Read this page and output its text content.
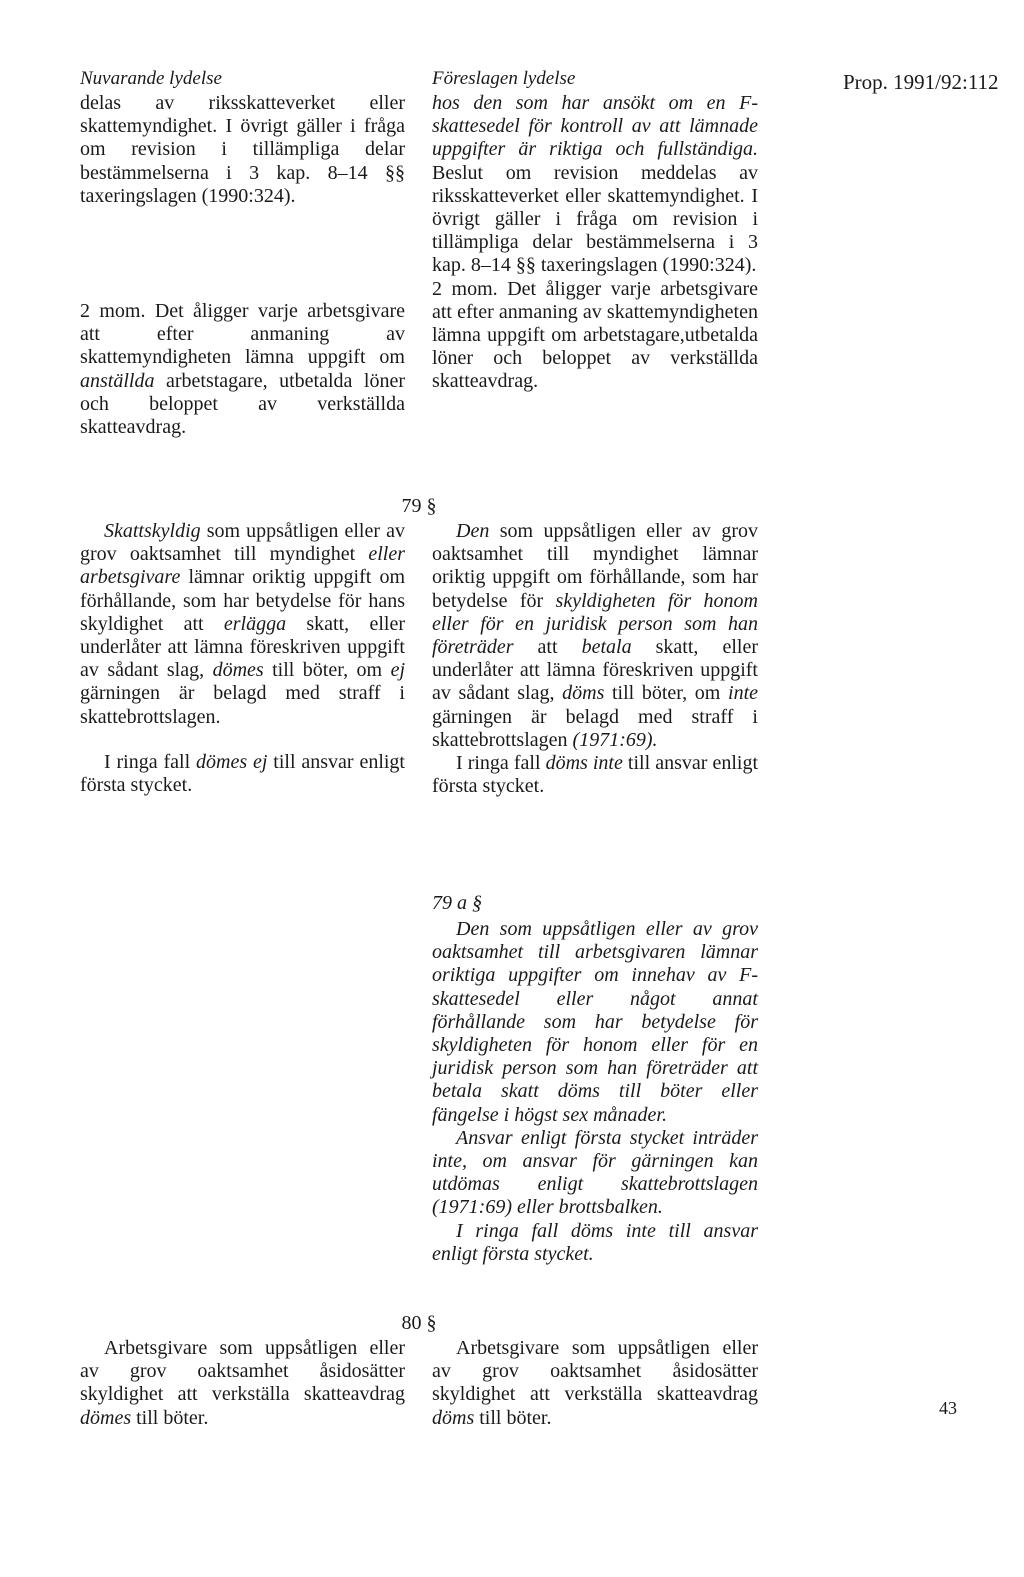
Nuvarande lydelse	Föreslagen lydelse	Prop. 1991/92:112

delas av riksskatteverket eller skattemyndighet. I övrigt gäller i fråga om revision i tillämpliga delar bestämmelserna i 3 kap. 8–14 §§ taxeringslagen (1990:324).

2 mom. Det åligger varje arbetsgivare att efter anmaning av skattemyndigheten lämna uppgift om anställda arbetstagare, utbetalda löner och beloppet av verkställda skatteavdrag.

hos den som har ansökt om en F-skattesedel för kontroll av att lämnade uppgifter är riktiga och fullständiga. Beslut om revision meddelas av riksskatteverket eller skattemyndighet. I övrigt gäller i fråga om revision i tillämpliga delar bestämmelserna i 3 kap. 8–14 §§ taxeringslagen (1990:324).

2 mom. Det åligger varje arbetsgivare att efter anmaning av skattemyndigheten lämna uppgift om arbetstagare,utbetalda löner och beloppet av verkställda skatteavdrag.

79 §

Skattskyldig som uppsåtligen eller av grov oaktsamhet till myndighet eller arbetsgivare lämnar oriktig uppgift om förhållande, som har betydelse för hans skyldighet att erlägga skatt, eller underlåter att lämna föreskriven uppgift av sådant slag, dömes till böter, om ej gärningen är belagd med straff i skattebrottslagen.

I ringa fall dömes ej till ansvar enligt första stycket.

Den som uppsåtligen eller av grov oaktsamhet till myndighet lämnar oriktig uppgift om förhållande, som har betydelse för skyldigheten för honom eller för en juridisk person som han företräder att betala skatt, eller underlåter att lämna föreskriven uppgift av sådant slag, döms till böter, om inte gärningen är belagd med straff i skattebrottslagen (1971:69).

I ringa fall döms inte till ansvar enligt första stycket.

79 a §

Den som uppsåtligen eller av grov oaktsamhet till arbetsgivaren lämnar oriktiga uppgifter om innehav av F-skattesedel eller något annat förhållande som har betydelse för skyldigheten för honom eller för en juridisk person som han företräder att betala skatt döms till böter eller fängelse i högst sex månader.

Ansvar enligt första stycket inträder inte, om ansvar för gärningen kan utdömas enligt skattebrottslagen (1971:69) eller brottsbalken.

I ringa fall döms inte till ansvar enligt första stycket.

80 §

Arbetsgivare som uppsåtligen eller av grov oaktsamhet åsidosätter skyldighet att verkställa skatteavdrag dömes till böter.

Arbetsgivare som uppsåtligen eller av grov oaktsamhet åsidosätter skyldighet att verkställa skatteavdrag döms till böter.	43
